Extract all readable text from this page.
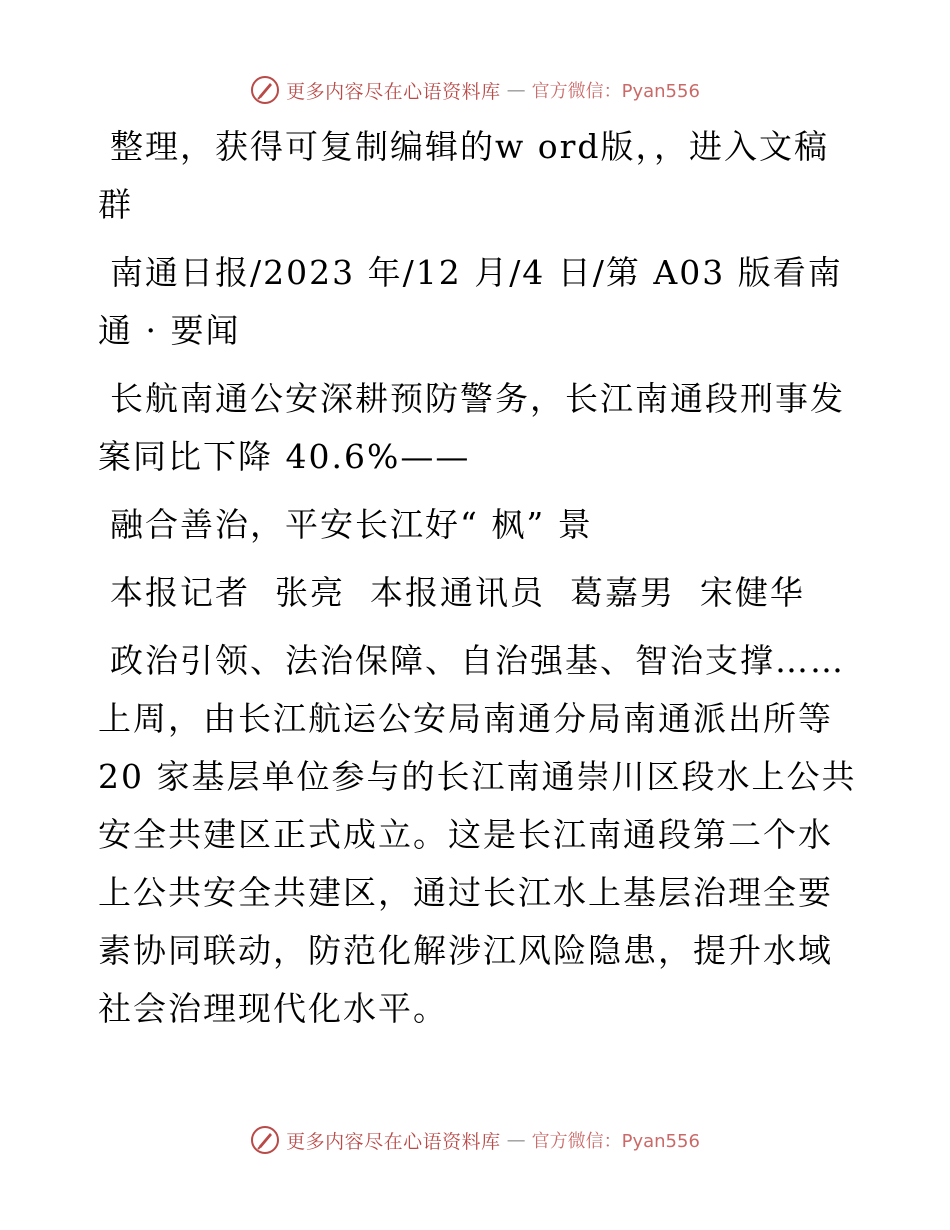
更多内容尽在心语资料库 — 官方微信：Pyan556

整理，获得可复制编辑的w ord版，，进入文稿群

南通日报/2023 年/12 月/4 日/第 A03 版看南通 · 要闻

长航南通公安深耕预防警务，长江南通段刑事发案同比下降 40.6%——

融合善治，平安长江好“ 枫” 景

本报记者  张亮  本报通讯员  葛嘉男  宋健华

政治引领、法治保障、自治强基、智治支撑……上周，由长江航运公安局南通分局南通派出所等 20 家基层单位参与的长江南通崇川区段水上公共安全共建区正式成立。这是长江南通段第二个水上公共安全共建区，通过长江水上基层治理全要素协同联动，防范化解涉江风险隐患，提升水域社会治理现代化水平。

更多内容尽在心语资料库 — 官方微信：Pyan556
